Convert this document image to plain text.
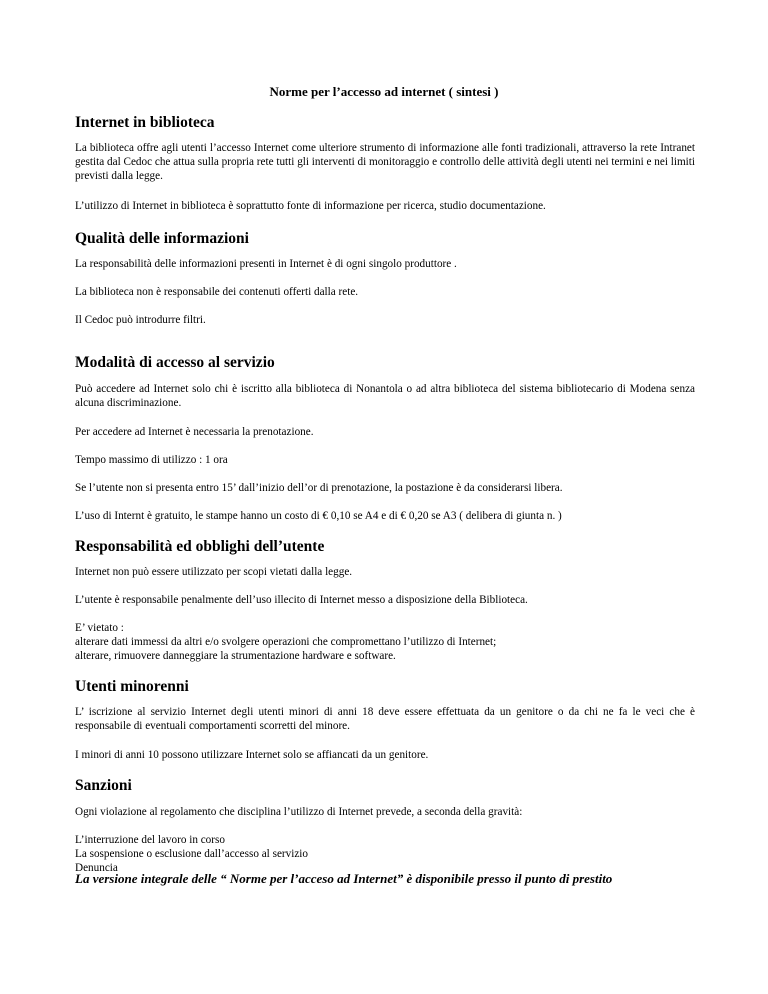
Norme per l’accesso ad internet ( sintesi )
Internet in biblioteca
La biblioteca offre agli utenti l’accesso Internet come ulteriore strumento di informazione alle fonti tradizionali, attraverso la rete Intranet gestita dal Cedoc che attua sulla propria rete tutti gli interventi di monitoraggio e controllo delle attività degli utenti nei termini e nei limiti previsti dalla legge.
L’utilizzo di Internet in biblioteca è soprattutto fonte di informazione per ricerca, studio documentazione.
Qualità delle informazioni
La responsabilità delle informazioni presenti in Internet è di ogni singolo produttore .
La biblioteca non è responsabile dei contenuti offerti dalla rete.
Il Cedoc può introdurre filtri.
Modalità di accesso al servizio
Può accedere ad Internet solo chi è iscritto alla biblioteca di Nonantola o ad altra biblioteca del sistema bibliotecario di Modena senza alcuna discriminazione.
Per accedere ad Internet è necessaria la prenotazione.
Tempo massimo di utilizzo : 1 ora
Se l’utente non si presenta entro 15’ dall’inizio dell’or di prenotazione, la postazione è da considerarsi libera.
L’uso di Internt è gratuito, le stampe hanno un costo di € 0,10 se A4 e di € 0,20 se A3 ( delibera di giunta n. )
Responsabilità ed obblighi dell’utente
Internet non può essere utilizzato per scopi vietati dalla legge.
L’utente è responsabile penalmente dell’uso illecito di Internet messo a disposizione della Biblioteca.
E’ vietato :
alterare dati immessi da altri e/o svolgere operazioni che compromettano l’utilizzo di Internet;
alterare, rimuovere danneggiare la strumentazione hardware e software.
Utenti minorenni
L’ iscrizione al servizio Internet degli utenti minori di anni 18 deve essere effettuata da un genitore o da chi ne fa le veci che è responsabile di eventuali comportamenti scorretti del minore.
I minori di anni 10 possono utilizzare Internet solo se affiancati da un genitore.
Sanzioni
Ogni violazione al regolamento che disciplina l’utilizzo di Internet prevede, a seconda della gravità:
L’interruzione del lavoro in corso
La sospensione o esclusione dall’accesso al servizio
Denuncia
La versione integrale delle “ Norme per l’acceso ad Internet” è disponibile presso il punto di prestito
